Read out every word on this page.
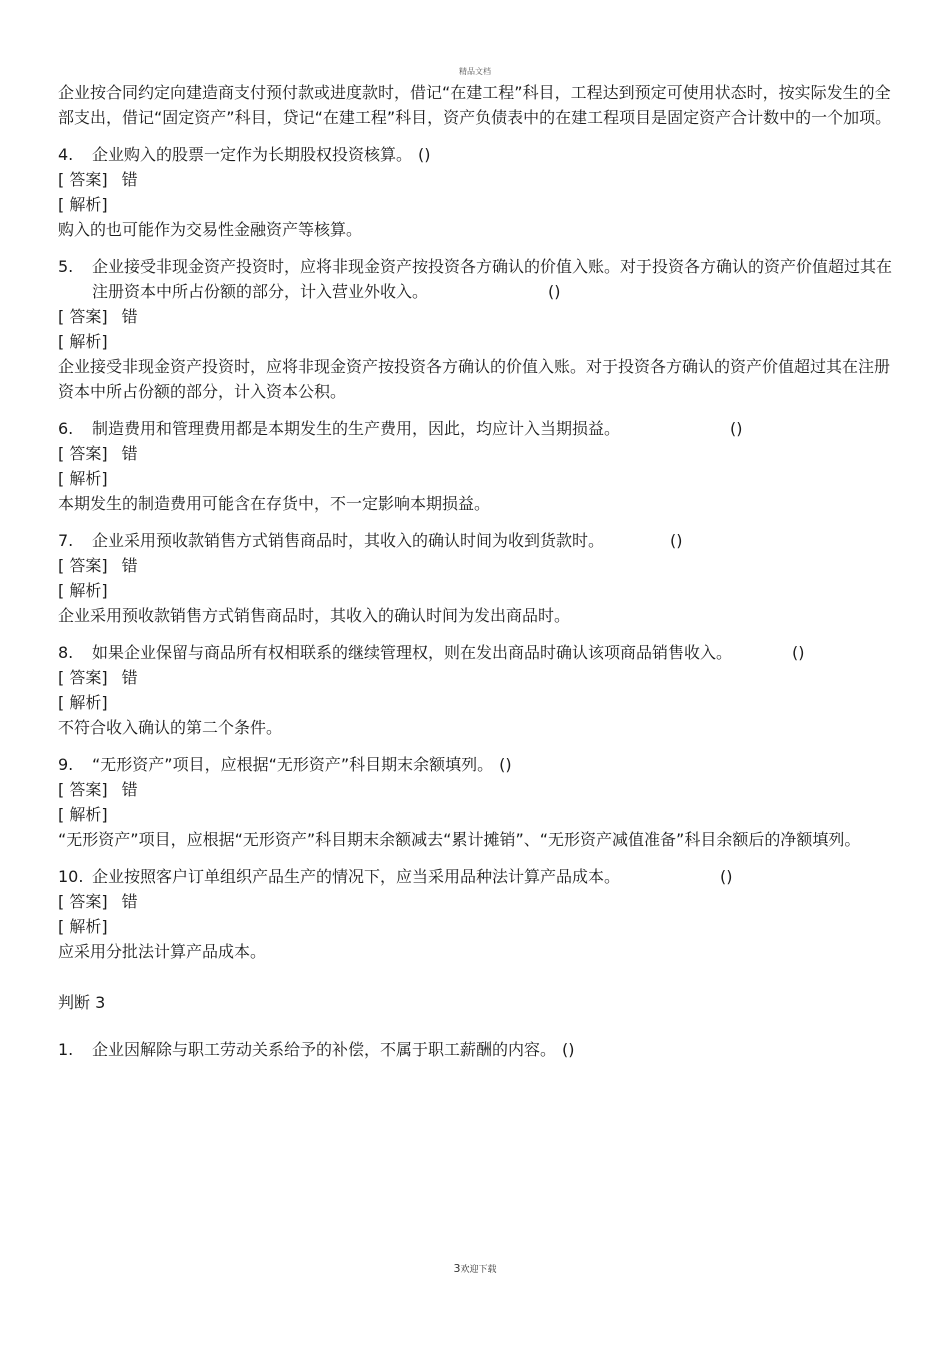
精品文档

企业按合同约定向建造商支付预付款或进度款时，借记“在建工程”科目，工程达到预定可使用状态时，按实际发生的全部支出，借记“固定资产”科目，贷记“在建工程”科目，资产负债表中的在建工程项目是固定资产合计数中的一个加项。

4.	企业购入的股票一定作为长期股权投资核算。 ()
[ 答案] 错
[ 解析]

购入的也可能作为交易性金融资产等核算。

5.	企业接受非现金资产投资时，应将非现金资产按投资各方确认的价值入账。对于投资各方确认的资产价值超过其在注册资本中所占份额的部分，计入营业外收入。	()
[ 答案] 错
[ 解析]

企业接受非现金资产投资时，应将非现金资产按投资各方确认的价值入账。对于投资各方确认的资产价值超过其在注册资本中所占份额的部分，计入资本公积。

6.	制造费用和管理费用都是本期发生的生产费用，因此，均应计入当期损益。	()
[ 答案] 错
[ 解析]

本期发生的制造费用可能含在存货中，不一定影响本期损益。

7.	企业采用预收款销售方式销售商品时，其收入的确认时间为收到货款时。	()
[ 答案] 错
[ 解析]

企业采用预收款销售方式销售商品时，其收入的确认时间为发出商品时。

8.	如果企业保留与商品所有权相联系的继续管理权，则在发出商品时确认该项商品销售收入。	()
[ 答案] 错
[ 解析]

不符合收入确认的第二个条件。

9.	“无形资产”项目，应根据“无形资产”科目期末余额填列。 ()
[ 答案] 错
[ 解析]

“无形资产”项目，应根据“无形资产”科目期末余额减去“累计摊销”、“无形资产减值准备”科目余额后的净额填列。

10. 企业按照客户订单组织产品生产的情况下，应当采用品种法计算产品成本。	()
[ 答案] 错
[ 解析]

应采用分批法计算产品成本。

判断 3

1.	企业因解除与职工劳动关系给予的补偿，不属于职工薪酬的内容。 ()
3欢迎下载
